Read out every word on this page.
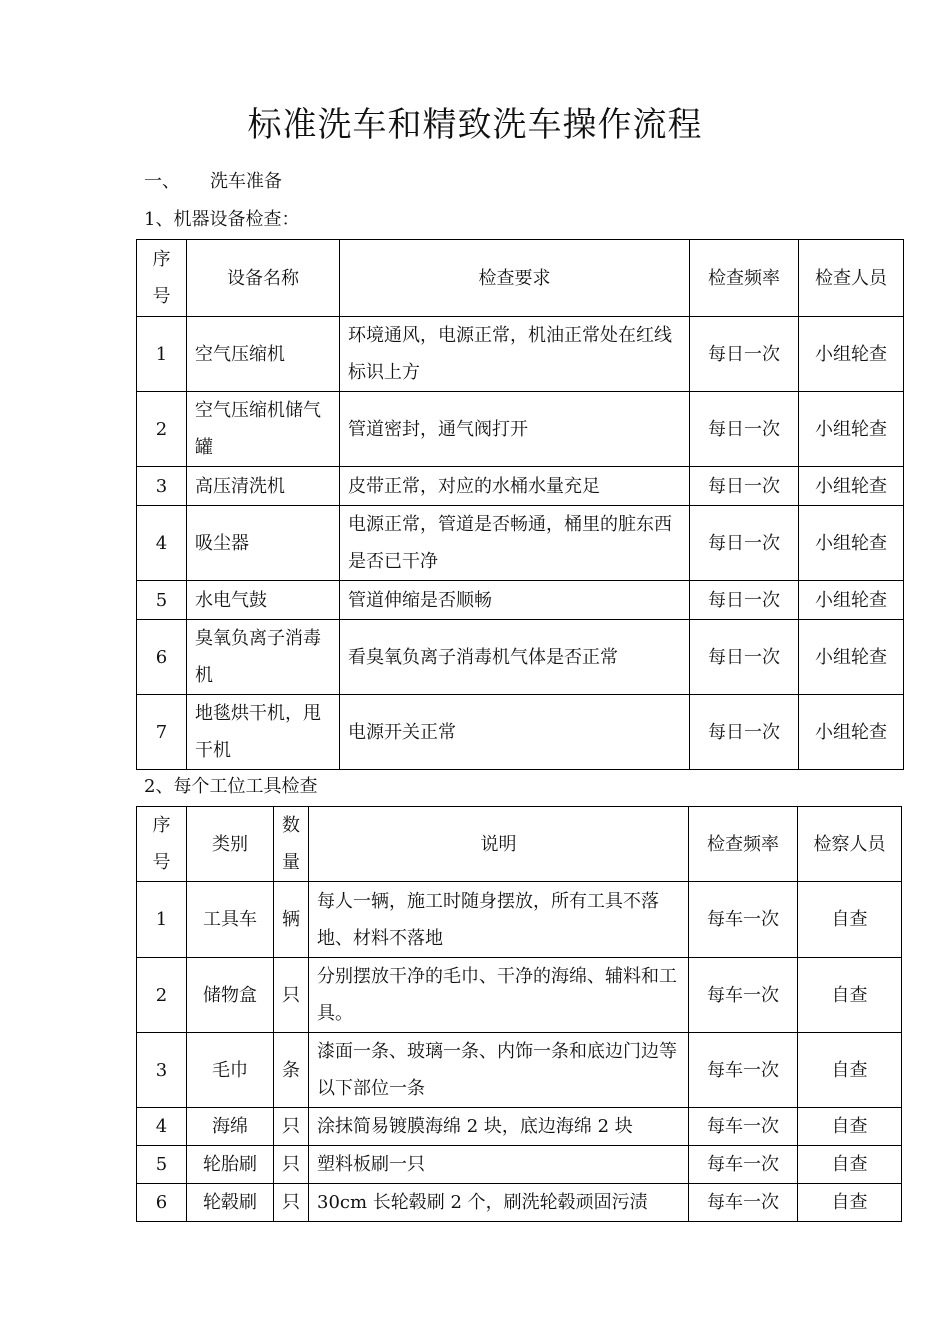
标准洗车和精致洗车操作流程
一、 洗车准备
1、机器设备检查：
序号	设备名称	检查要求	检查频率	检查人员
1	空气压缩机	环境通风，电源正常，机油正常处在红线标识上方	每日一次	小组轮查
2	空气压缩机储气罐	管道密封，通气阀打开	每日一次	小组轮查
3	高压清洗机	皮带正常，对应的水桶水量充足	每日一次	小组轮查
4	吸尘器	电源正常，管道是否畅通，桶里的脏东西是否已干净	每日一次	小组轮查
5	水电气鼓	管道伸缩是否顺畅	每日一次	小组轮查
6	臭氧负离子消毒机	看臭氧负离子消毒机气体是否正常	每日一次	小组轮查
7	地毯烘干机，甩干机	电源开关正常	每日一次	小组轮查
2、每个工位工具检查
序号	类别	数量	说明	检查频率	检察人员
1	工具车	辆	每人一辆，施工时随身摆放，所有工具不落地、材料不落地	每车一次	自查
2	储物盒	只	分别摆放干净的毛巾、干净的海绵、辅料和工具。	每车一次	自查
3	毛巾	条	漆面一条、玻璃一条、内饰一条和底边门边等以下部位一条	每车一次	自查
4	海绵	只	涂抹简易镀膜海绵 2 块，底边海绵 2 块	每车一次	自查
5	轮胎刷	只	塑料板刷一只	每车一次	自查
6	轮毂刷	只	30cm 长轮毂刷 2 个，刷洗轮毂顽固污渍	每车一次	自查
